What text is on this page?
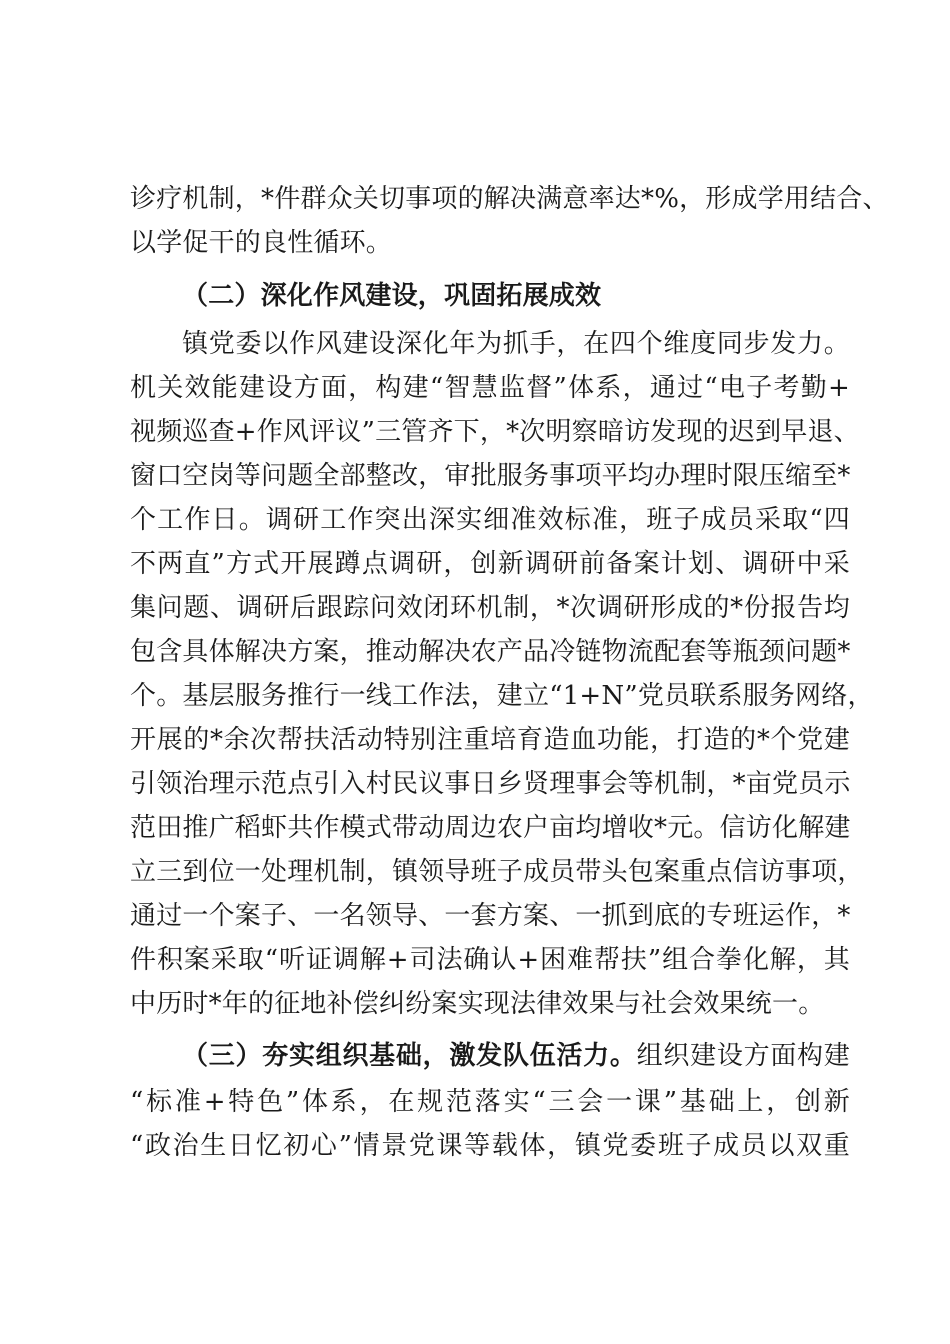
诊疗机制，*件群众关切事项的解决满意率达*%，形成学用结合、
以学促干的良性循环。
（二）深化作风建设，巩固拓展成效
镇党委以作风建设深化年为抓手，在四个维度同步发力。
机关效能建设方面，构建“智慧监督”体系，通过“电子考勤+
视频巡查+作风评议”三管齐下，*次明察暗访发现的迟到早退、
窗口空岗等问题全部整改，审批服务事项平均办理时限压缩至*
个工作日。调研工作突出深实细准效标准，班子成员采取“四
不两直”方式开展蹲点调研，创新调研前备案计划、调研中采
集问题、调研后跟踪问效闭环机制，*次调研形成的*份报告均
包含具体解决方案，推动解决农产品冷链物流配套等瓶颈问题*
个。基层服务推行一线工作法，建立“1+N”党员联系服务网络，
开展的*余次帮扶活动特别注重培育造血功能，打造的*个党建
引领治理示范点引入村民议事日乡贤理事会等机制，*亩党员示
范田推广稻虾共作模式带动周边农户亩均增收*元。信访化解建
立三到位一处理机制，镇领导班子成员带头包案重点信访事项，
通过一个案子、一名领导、一套方案、一抓到底的专班运作，*
件积案采取“听证调解+司法确认+困难帮扶”组合拳化解，其
中历时*年的征地补偿纠纷案实现法律效果与社会效果统一。
（三）夯实组织基础，激发队伍活力。组织建设方面构建
“标准+特色”体系，在规范落实“三会一课”基础上，创新
“政治生日忆初心”情景党课等载体，镇党委班子成员以双重
